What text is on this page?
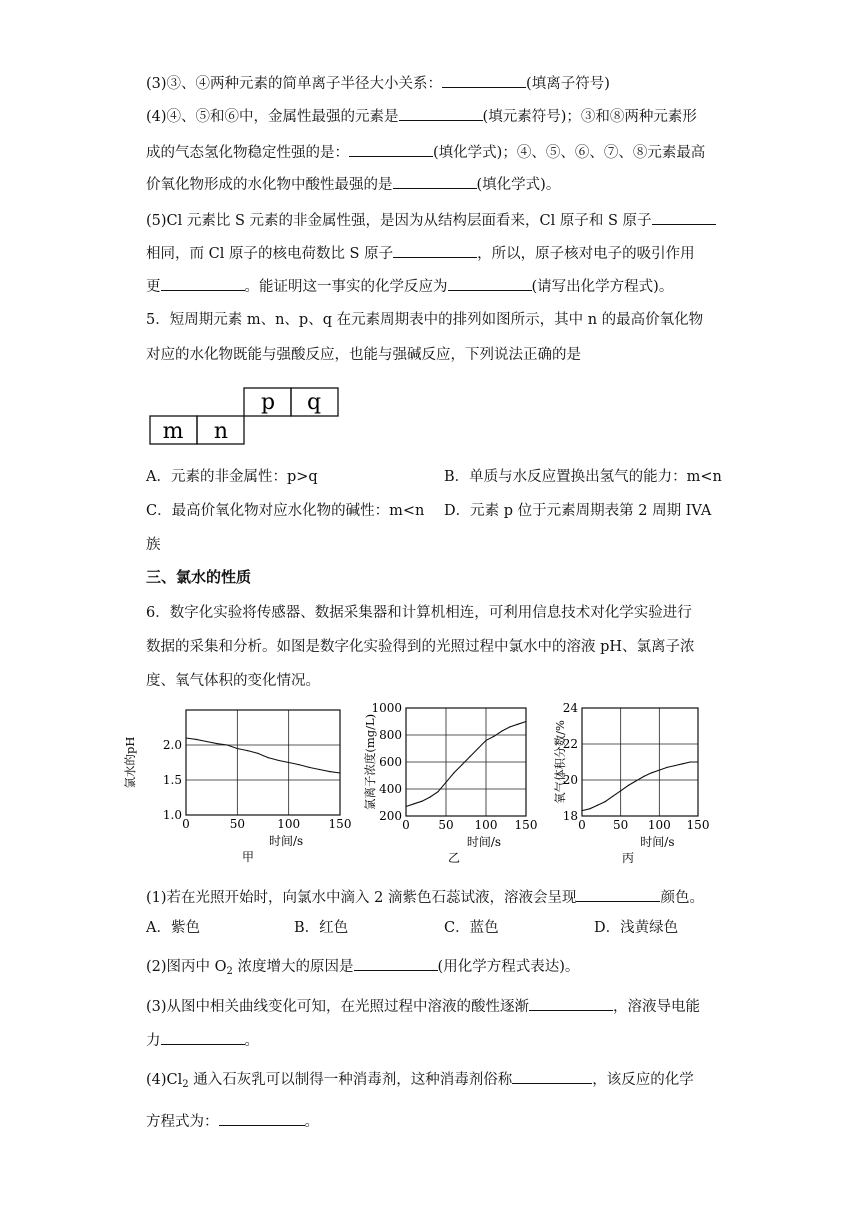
(3)③、④两种元素的简单离子半径大小关系：	(填离子符号)
(4)④、⑤和⑥中，金属性最强的元素是	(填元素符号)；③和⑧两种元素形
成的气态氢化物稳定性强的是：	(填化学式)；④、⑤、⑥、⑦、⑧元素最高
价氧化物形成的水化物中酸性最强的是	(填化学式)。
(5)Cl 元素比 S 元素的非金属性强，是因为从结构层面看来，Cl 原子和 S 原子
相同，而 Cl 原子的核电荷数比 S 原子	，所以，原子核对电子的吸引作用
更	。能证明这一事实的化学反应为	(请写出化学方程式)。
5．短周期元素 m、n、p、q 在元素周期表中的排列如图所示，其中 n 的最高价氧化物
对应的水化物既能与强酸反应，也能与强碱反应，下列说法正确的是
p q
m n
A．元素的非金属性：p>q	B．单质与水反应置换出氢气的能力：m<n
C．最高价氧化物对应水化物的碱性：m<n D．元素 p 位于元素周期表第 2 周期 IVA
族
三、氯水的性质
6．数字化实验将传感器、数据采集器和计算机相连，可利用信息技术对化学实验进行
数据的采集和分析。如图是数字化实验得到的光照过程中氯水中的溶液 pH、氯离子浓
度、氧气体积的变化情况。
0	50	100 150
1.0
1.5
2.0
时间/s
氯水的pH
甲
0 50 100 150
200
400
600
800
1000
时间/s
氯离子浓度(mg/L)
乙
0 50 100 150
18
20
22
24
时间/s
氧气体积分数/%
丙
(1)若在光照开始时，向氯水中滴入 2 滴紫色石蕊试液，溶液会呈现	颜色。
A．紫色	B．红色	C．蓝色	D．浅黄绿色
(2)图丙中 $O_2$ 浓度增大的原因是	(用化学方程式表达)。
(3)从图中相关曲线变化可知，在光照过程中溶液的酸性逐渐	，溶液导电能
力	。
$(4)Cl_2$ 通入石灰乳可以制得一种消毒剂，这种消毒剂俗称	，该反应的化学
方程式为：	。
